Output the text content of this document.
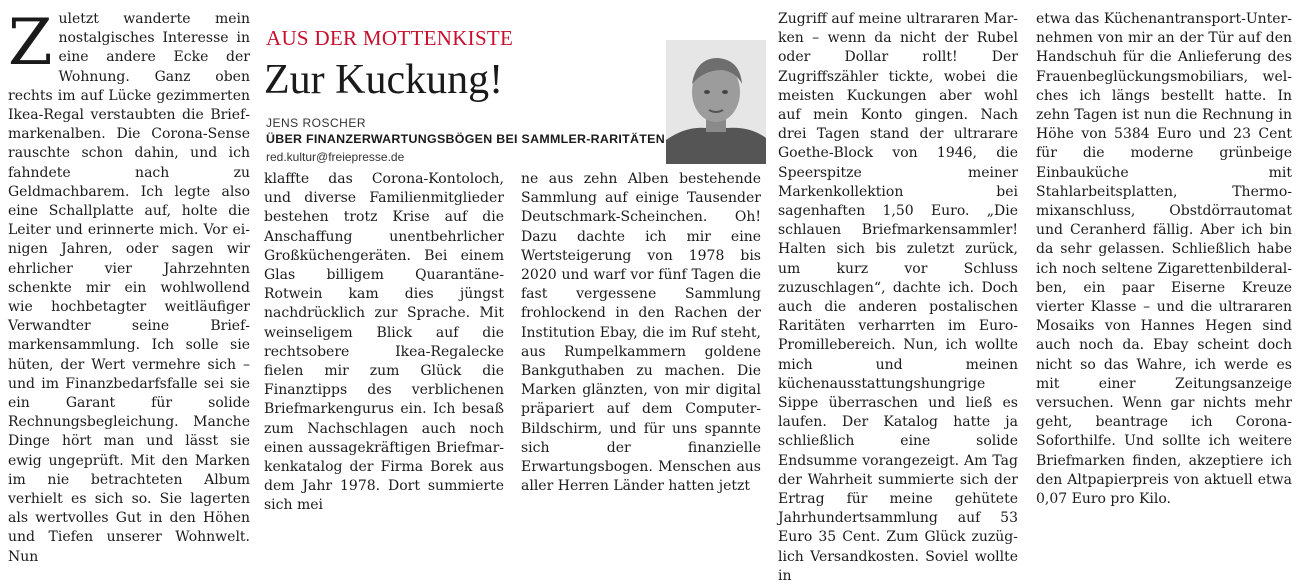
Z uletzt wanderte mein nostalgisches Interesse in eine andere Ecke der Wohnung. Ganz oben rechts im auf Lücke gezimmerten Ikea-Regal verstaubten die Briefmarkenalben. Die Corona-Sense rauschte schon dahin, und ich fahndete nach zu Geldmachbarem. Ich legte also eine Schallplatte auf, holte die Leiter und erinnerte mich. Vor einigen Jahren, oder sagen wir ehrlicher vier Jahrzehnten schenkte mir ein wohlwollend wie hochbetagter weitläufiger Verwandter seine Briefmarkensammlung. Ich solle sie hüten, der Wert vermehre sich – und im Finanzbedarfsfalle sei sie ein Garant für solide Rechnungsbegleichung. Manche Dinge hört man und lässt sie ewig ungeprüft. Mit den Marken im nie betrachteten Album verhielt es sich so. Sie lagerten als wertvolles Gut in den Höhen und Tiefen unserer Wohnwelt. Nun

AUS DER MOTTENKISTE
Zur Kuckung!
JENS ROSCHER
ÜBER FINANZERWARTUNGSBÖGEN BEI SAMMLER-RARITÄTEN
red.kultur@freiepresse.de

klaffte das Corona-Kontoloch, und diverse Familienmitglieder bestehen trotz Krise auf die Anschaffung unentbehrlicher Großküchengeräten. Bei einem Glas billigem Quarantäne-Rotwein kam dies jüngst nachdrücklich zur Sprache. Mit weinseligem Blick auf die rechtsobere Ikea-Regalecke fielen mir zum Glück die Finanztipps des verblichenen Briefmarkengurus ein. Ich besaß zum Nachschlagen auch noch einen aussagekräftigen Briefmarkenkatalog der Firma Borek aus dem Jahr 1978. Dort summierte sich mei

ne aus zehn Alben bestehende Sammlung auf einige Tausender Deutschmark-Scheinchen. Oh! Dazu dachte ich mir eine Wertsteigerung von 1978 bis 2020 und warf vor fünf Tagen die fast vergessene Sammlung frohlockend in den Rachen der Institution Ebay, die im Ruf steht, aus Rumpelkammern goldene Bankguthaben zu machen. Die Marken glänzten, von mir digital präpariert auf dem Computer-Bildschirm, und für uns spannte sich der finanzielle Erwartungsbogen. Menschen aus aller Herren Länder hatten jetzt

Zugriff auf meine ultrararen Marken – wenn da nicht der Rubel oder Dollar rollt! Der Zugriffszähler tickte, wobei die meisten Kuckungen aber wohl auf mein Konto gingen. Nach drei Tagen stand der ultrarare Goethe-Block von 1946, die Speerspitze meiner Markenkollektion bei sagenhaften 1,50 Euro. „Die schlauen Briefmarkensammler! Halten sich bis zuletzt zurück, um kurz vor Schluss zuzuschlagen“, dachte ich. Doch auch die anderen postalischen Raritäten verharrten im Euro-Promillebereich. Nun, ich wollte mich und meinen küchenausstattungshungrige Sippe überraschen und ließ es laufen. Der Katalog hatte ja schließlich eine solide Endsumme vorangezeigt. Am Tag der Wahrheit summierte sich der Ertrag für meine gehütete Jahrhundertsammlung auf 53 Euro 35 Cent. Zum Glück zuzüglich Versandkosten. Soviel wollte in

etwa das Küchenantransport-Unternehmen von mir an der Tür auf den Handschuh für die Anlieferung des Frauenbeglückungsmobiliars, welches ich längs bestellt hatte. In zehn Tagen ist nun die Rechnung in Höhe von 5384 Euro und 23 Cent für die moderne grünbeige Einbauküche mit Stahlarbeitsplatten, Thermomixanschluss, Obstdörrautomat und Ceranherd fällig. Aber ich bin da sehr gelassen. Schließlich habe ich noch seltene Zigarettenbilderalben, ein paar Eiserne Kreuze vierter Klasse – und die ultrararen Mosaiks von Hannes Hegen sind auch noch da. Ebay scheint doch nicht so das Wahre, ich werde es mit einer Zeitungsanzeige versuchen. Wenn gar nichts mehr geht, beantrage ich Corona-Soforthilfe. Und sollte ich weitere Briefmarken finden, akzeptiere ich den Altpapierpreis von aktuell etwa 0,07 Euro pro Kilo.
